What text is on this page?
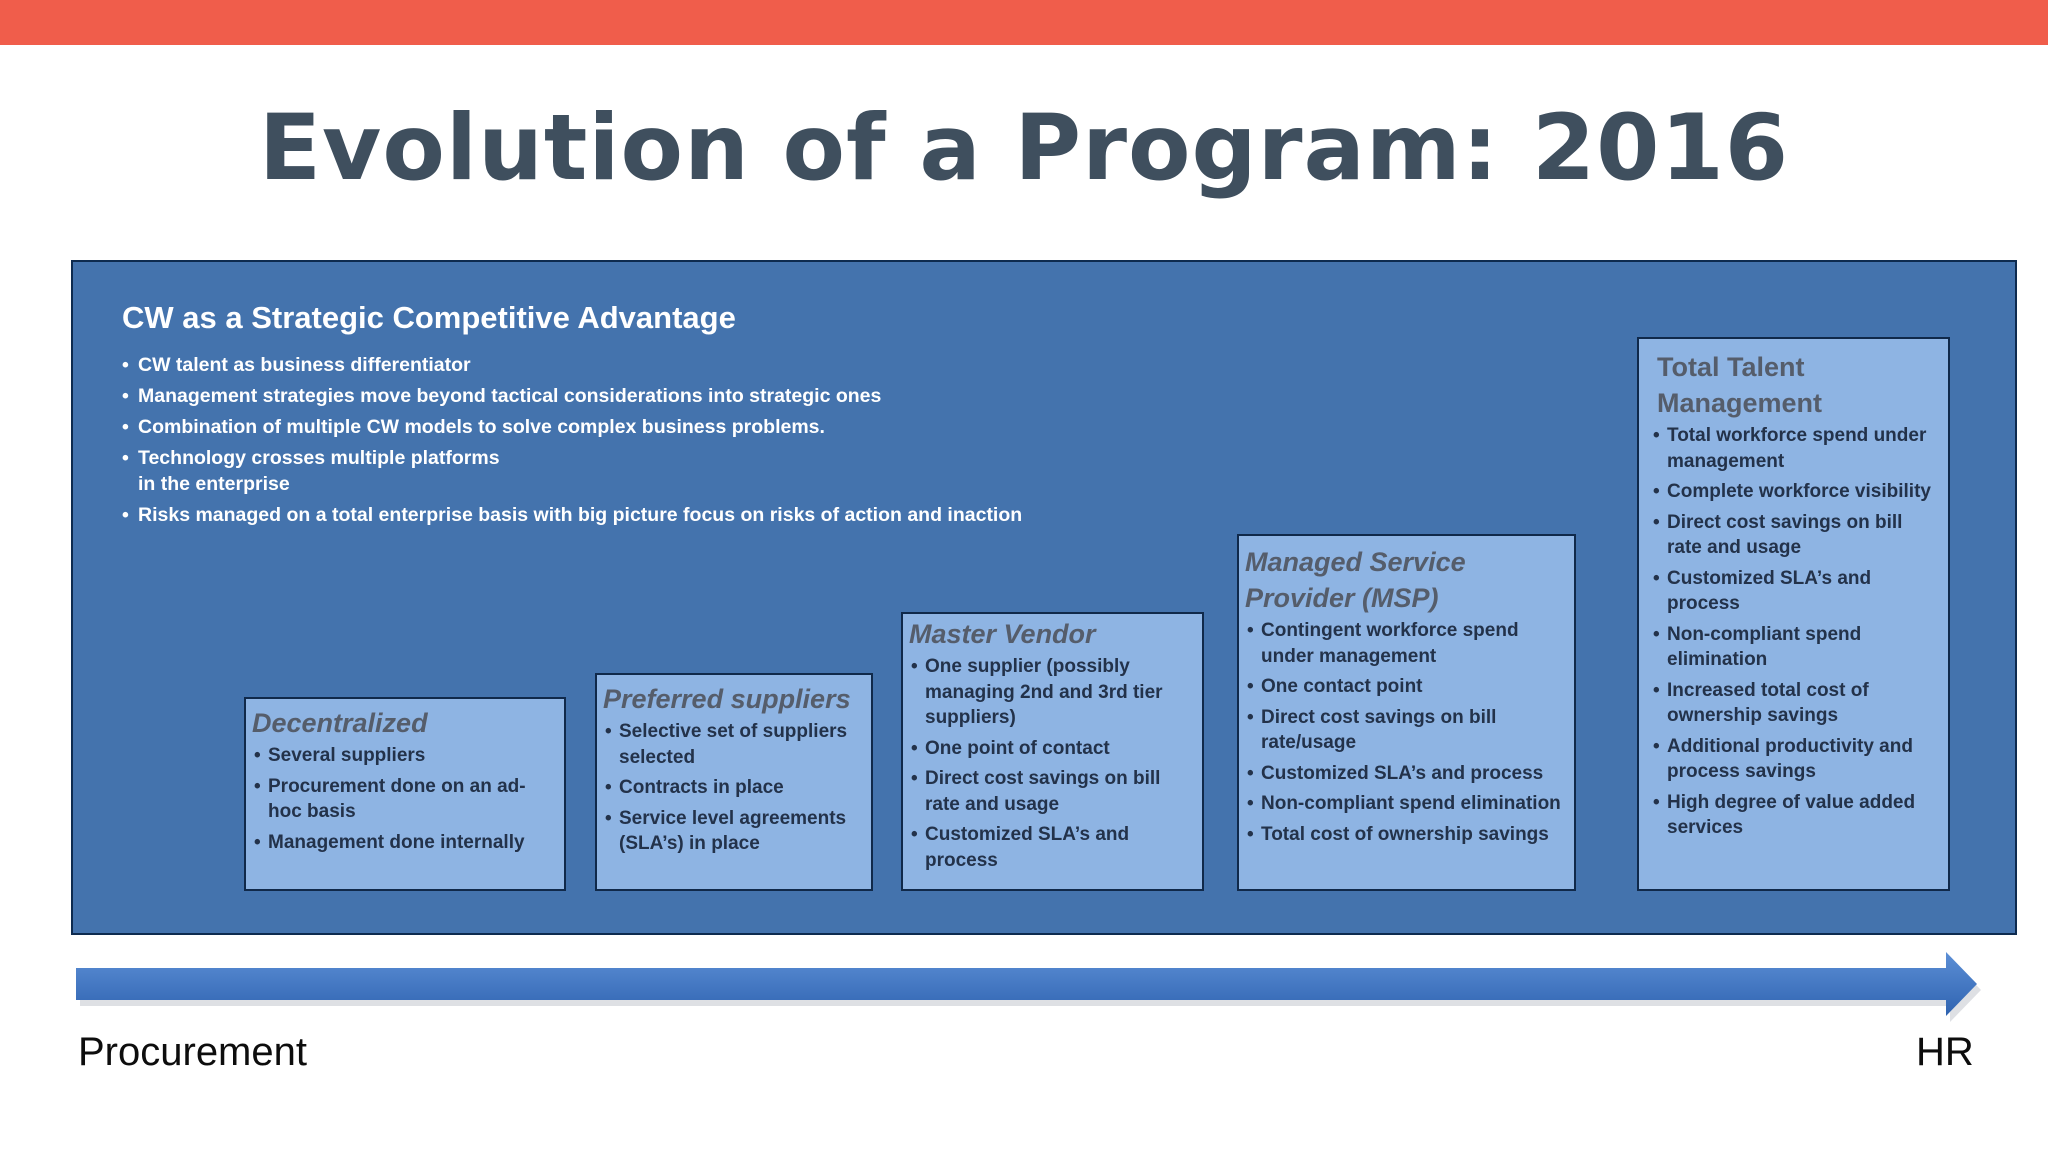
Evolution of a Program: 2016
CW as a Strategic Competitive Advantage
• CW talent as business differentiator
• Management strategies move beyond tactical considerations into strategic ones
• Combination of multiple CW models to solve complex business problems.
• Technology crosses multiple platforms in the enterprise
• Risks managed on a total enterprise basis with big picture focus on risks of action and inaction
Decentralized
• Several suppliers
• Procurement done on an ad-hoc basis
• Management done internally
Preferred suppliers
• Selective set of suppliers selected
• Contracts in place
• Service level agreements (SLA’s) in place
Master Vendor
• One supplier (possibly managing 2nd and 3rd tier suppliers)
• One point of contact
• Direct cost savings on bill rate and usage
• Customized SLA’s and process
Managed Service Provider (MSP)
• Contingent workforce spend under management
• One contact point
• Direct cost savings on bill rate/usage
• Customized SLA’s and process
• Non-compliant spend elimination
• Total cost of ownership savings
Total Talent Management
• Total workforce spend under management
• Complete workforce visibility
• Direct cost savings on bill rate and usage
• Customized SLA’s and process
• Non-compliant spend elimination
• Increased total cost of ownership savings
• Additional productivity and process savings
• High degree of value added services
Procurement	HR
